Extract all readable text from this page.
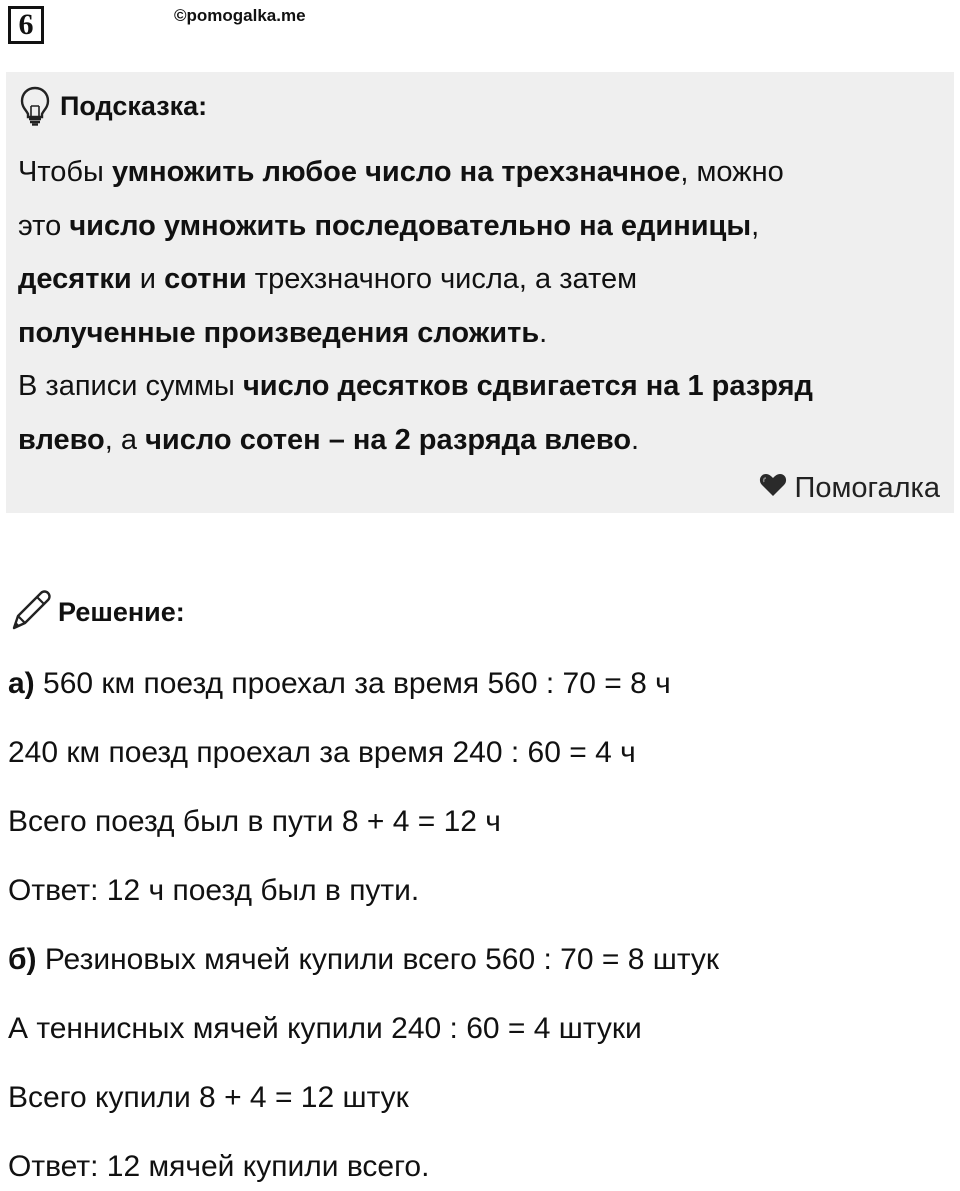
6	©pomogalka.me
Подсказка:
Чтобы умножить любое число на трехзначное, можно
это число умножить последовательно на единицы,
десятки и сотни трехзначного числа, а затем
полученные произведения сложить.
В записи суммы число десятков сдвигается на 1 разряд
влево, а число сотен – на 2 разряда влево.
Помогалка
Решение:
а) 560 км поезд проехал за время 560 : 70 = 8 ч
240 км поезд проехал за время 240 : 60 = 4 ч
Всего поезд был в пути 8 + 4 = 12 ч
Ответ: 12 ч поезд был в пути.
б) Резиновых мячей купили всего 560 : 70 = 8 штук
А теннисных мячей купили 240 : 60 = 4 штуки
Всего купили 8 + 4 = 12 штук
Ответ: 12 мячей купили всего.
